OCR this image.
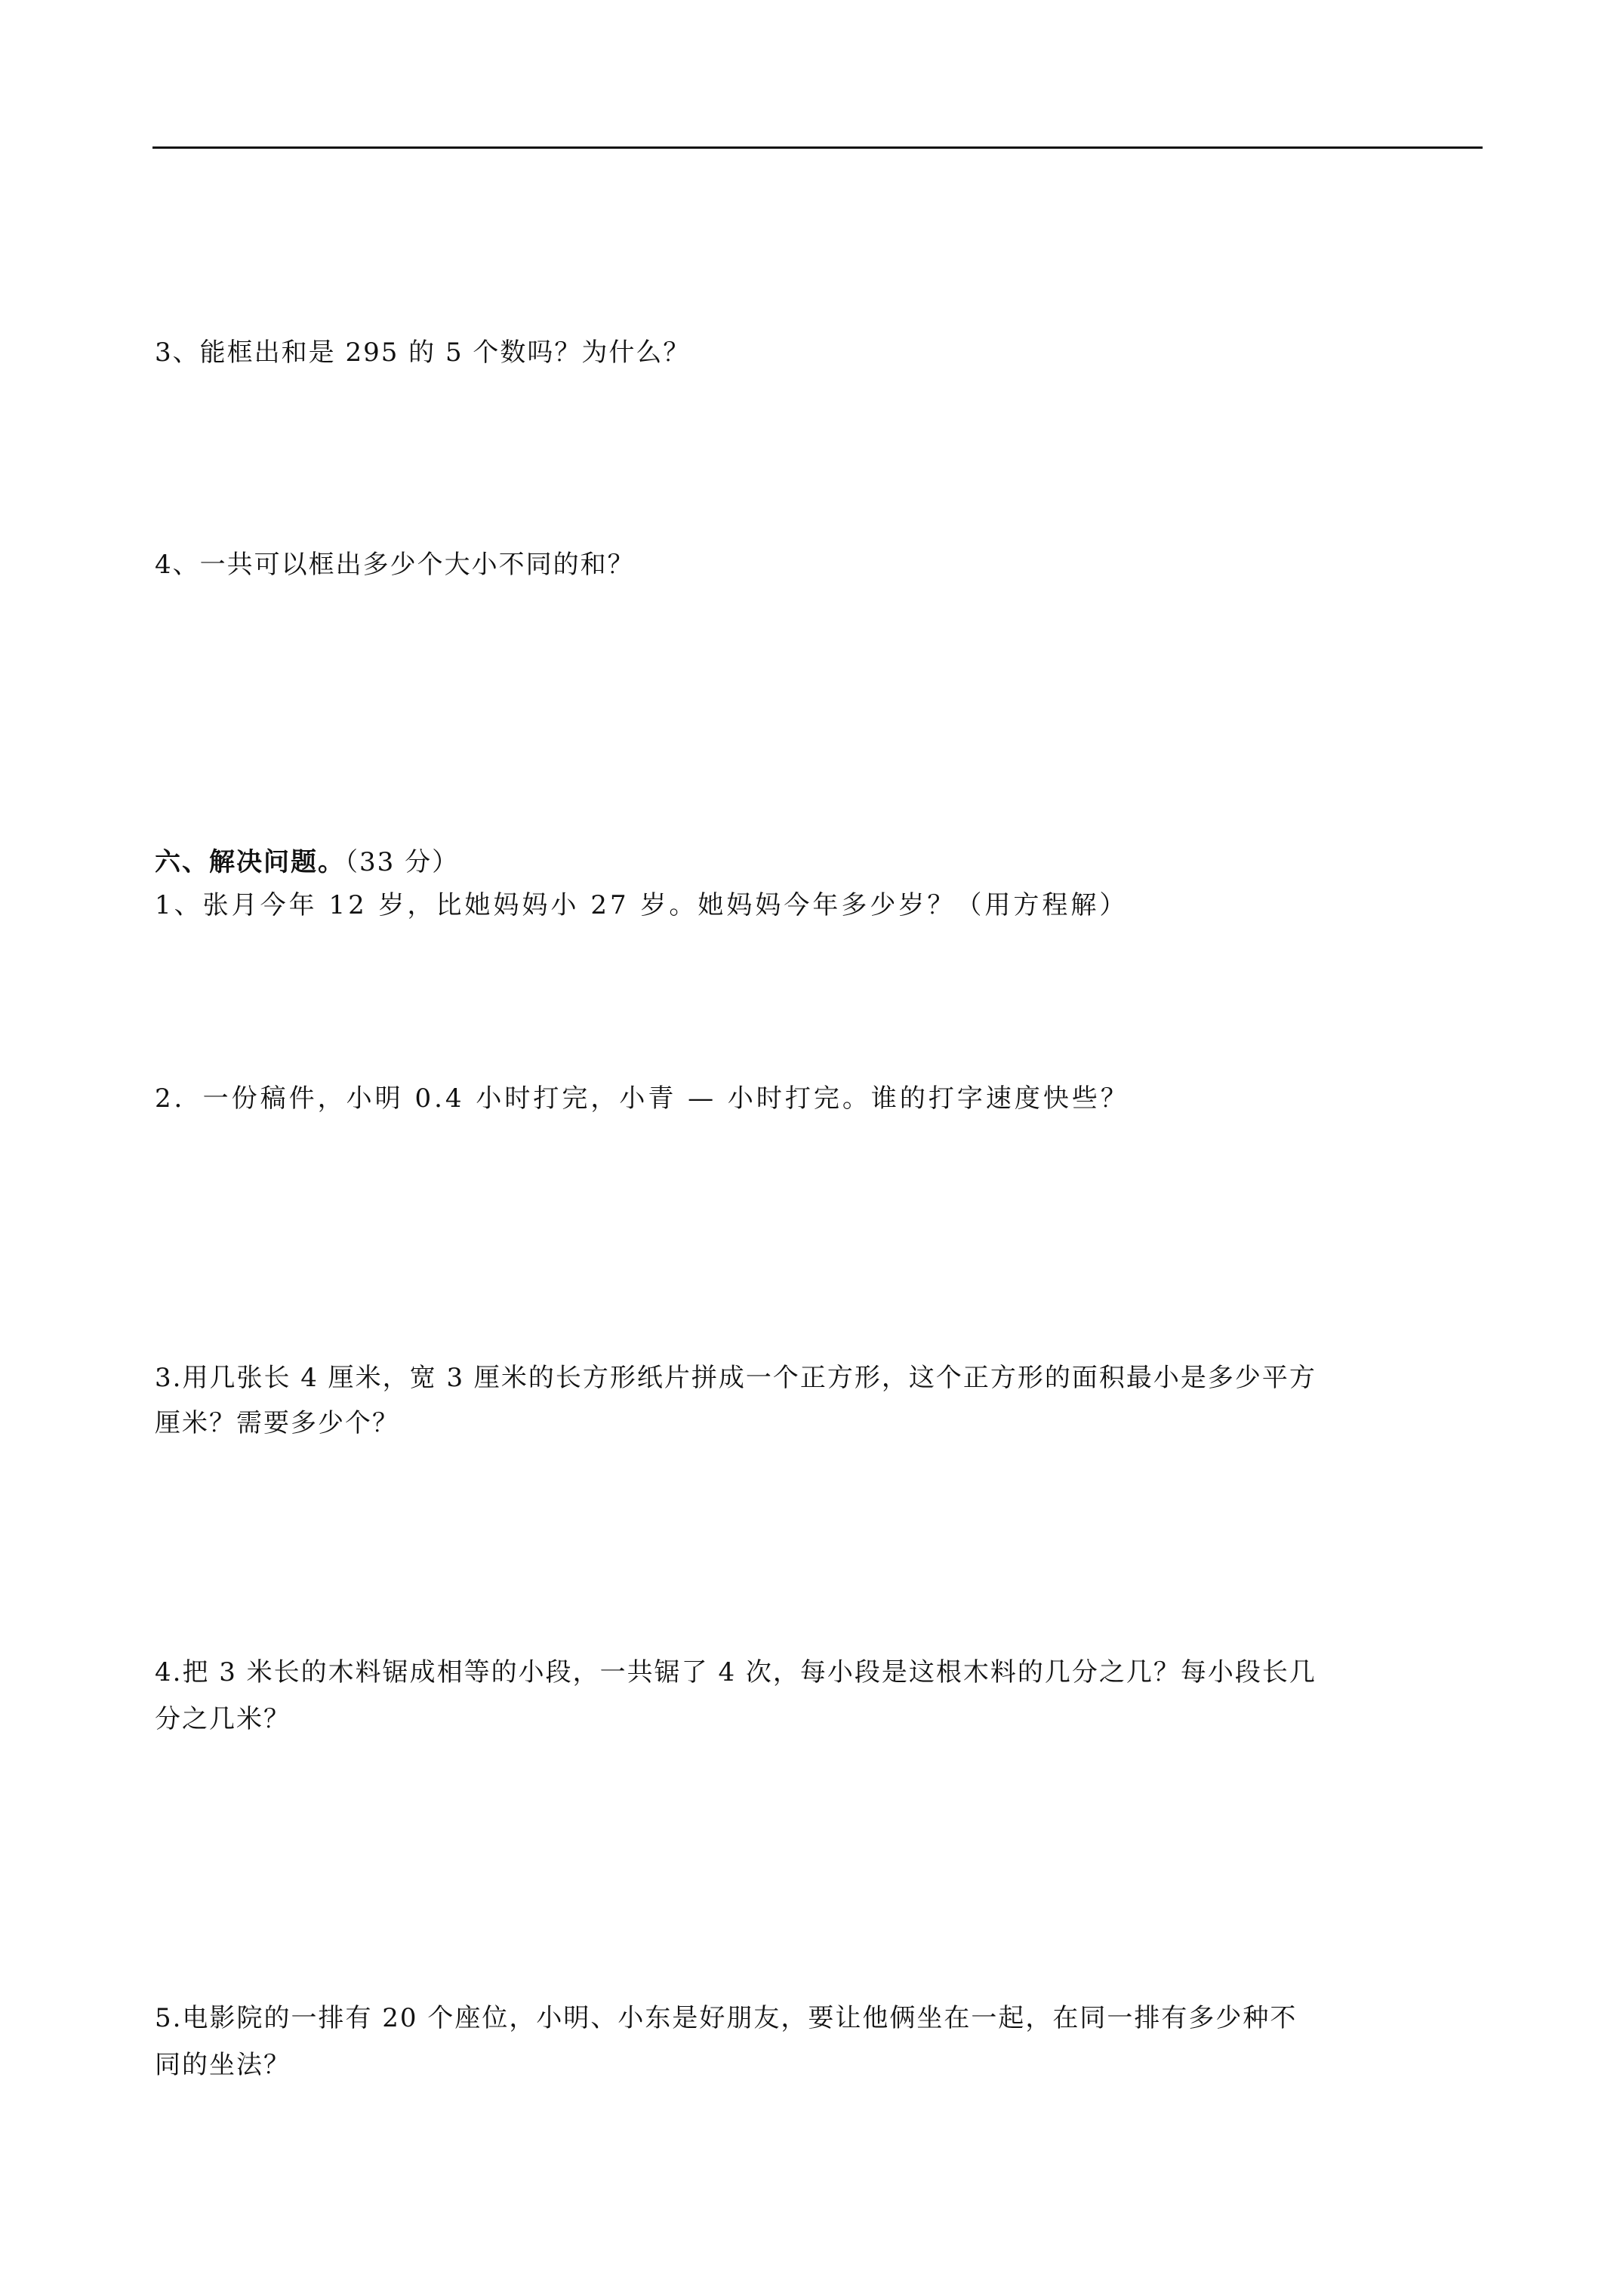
3、能框出和是 295 的 5 个数吗？为什么？
4、一共可以框出多少个大小不同的和？
六、解决问题。（33 分）
1、张月今年 12 岁，比她妈妈小 27 岁。她妈妈今年多少岁？（用方程解）
2．一份稿件，小明 0.4 小时打完，小青 — 小时打完。谁的打字速度快些？
3.用几张长 4 厘米，宽 3 厘米的长方形纸片拼成一个正方形，这个正方形的面积最小是多少平方
厘米？需要多少个？
4.把 3 米长的木料锯成相等的小段，一共锯了 4 次，每小段是这根木料的几分之几？每小段长几
分之几米？
5.电影院的一排有 20 个座位，小明、小东是好朋友，要让他俩坐在一起，在同一排有多少种不
同的坐法？
